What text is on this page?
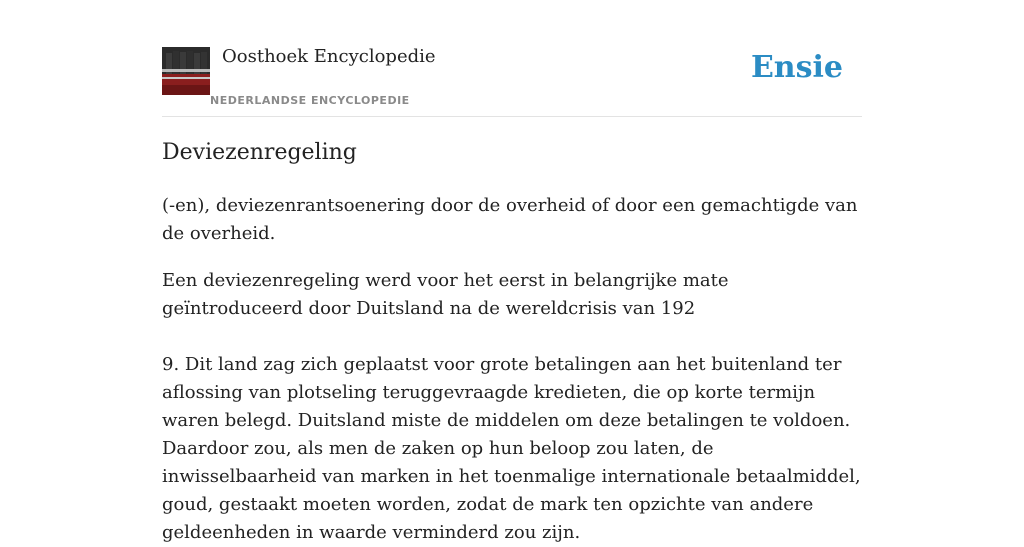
Oosthoek Encyclopedie
NEDERLANDSE ENCYCLOPEDIE
Ensie
Deviezenregeling

(-en), deviezenrantsoenering door de overheid of door een gemachtigde van de overheid.

Een deviezenregeling werd voor het eerst in belangrijke mate geïntroduceerd door Duitsland na de wereldcrisis van 192

9. Dit land zag zich geplaatst voor grote betalingen aan het buitenland ter aflossing van plotseling teruggevraagde kredieten, die op korte termijn waren belegd. Duitsland miste de middelen om deze betalingen te voldoen. Daardoor zou, als men de zaken op hun beloop zou laten, de inwisselbaarheid van marken in het toenmalige internationale betaalmiddel, goud, gestaakt moeten worden, zodat de mark ten opzichte van andere geldeenheden in waarde verminderd zou zijn.
